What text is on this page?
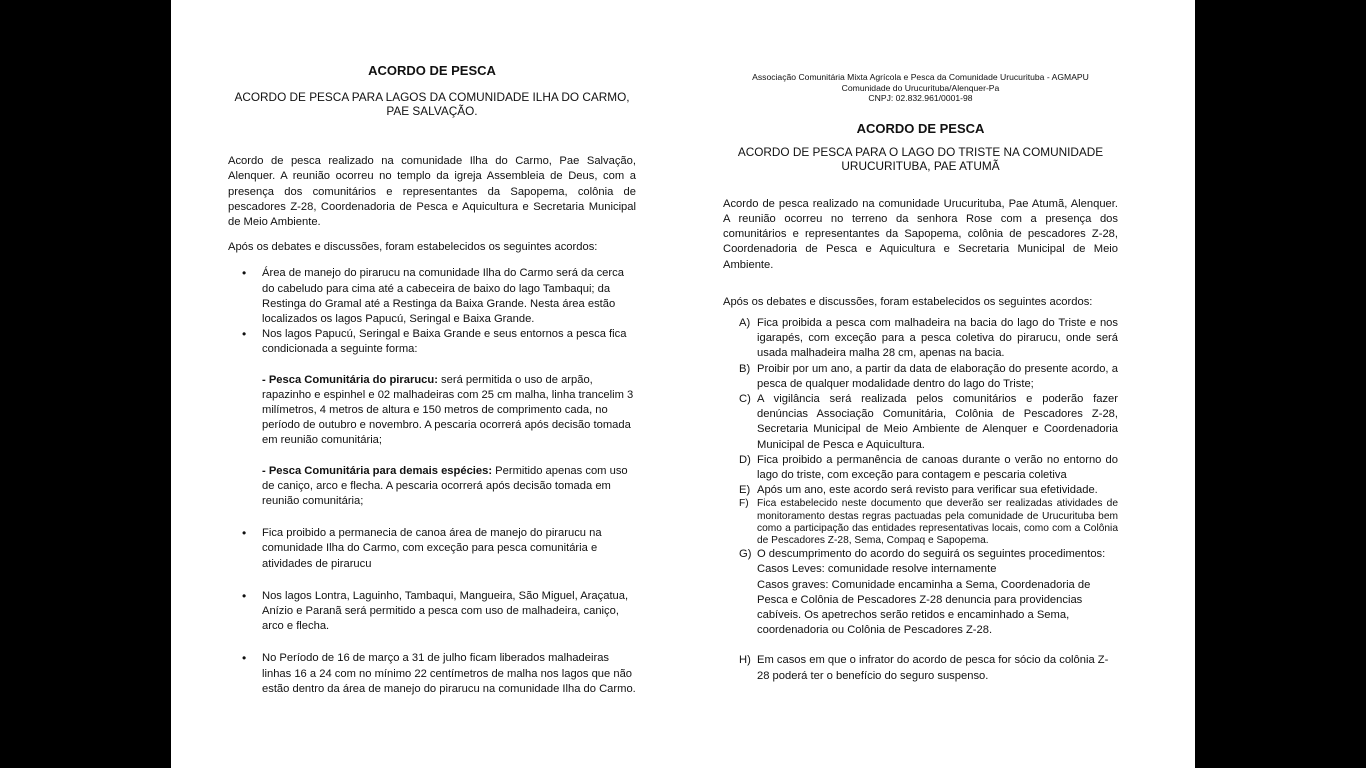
ACORDO DE PESCA
ACORDO DE PESCA PARA LAGOS DA COMUNIDADE ILHA DO CARMO,
PAE SALVAÇÃO.

Acordo de pesca realizado na comunidade Ilha do Carmo, Pae Salvação, Alenquer. A reunião ocorreu no templo da igreja Assembleia de Deus, com a presença dos comunitários e representantes da Sapopema, colônia de pescadores Z-28, Coordenadoria de Pesca e Aquicultura e Secretaria Municipal de Meio Ambiente.

Após os debates e discussões, foram estabelecidos os seguintes acordos:

• Área de manejo do pirarucu na comunidade Ilha do Carmo será da cerca do cabeludo para cima até a cabeceira de baixo do lago Tambaqui; da Restinga do Gramal até a Restinga da Baixa Grande. Nesta área estão localizados os lagos Papucú, Seringal e Baixa Grande.
• Nos lagos Papucú, Seringal e Baixa Grande e seus entornos a pesca fica condicionada a seguinte forma:

- Pesca Comunitária do pirarucu: será permitida o uso de arpão, rapazinho e espinhel e 02 malhadeiras com 25 cm malha, linha trancelim 3 milímetros, 4 metros de altura e 150 metros de comprimento cada, no período de outubro e novembro. A pescaria ocorrerá após decisão tomada em reunião comunitária;

- Pesca Comunitária para demais espécies: Permitido apenas com uso de caniço, arco e flecha. A pescaria ocorrerá após decisão tomada em reunião comunitária;

• Fica proibido a permanecia de canoa área de manejo do pirarucu na comunidade Ilha do Carmo, com exceção para pesca comunitária e atividades de pirarucu
• Nos lagos Lontra, Laguinho, Tambaqui, Mangueira, São Miguel, Araçatua, Anízio e Paranã será permitido a pesca com uso de malhadeira, caniço, arco e flecha.
• No Período de 16 de março a 31 de julho ficam liberados malhadeiras linhas 16 a 24 com no mínimo 22 centímetros de malha nos lagos que não estão dentro da área de manejo do pirarucu na comunidade Ilha do Carmo.
Associação Comunitária Mixta Agrícola e Pesca da Comunidade Urucurituba - AGMAPU
Comunidade do Urucurituba/Alenquer-Pa
CNPJ: 02.832.961/0001-98
ACORDO DE PESCA
ACORDO DE PESCA PARA O LAGO DO TRISTE NA COMUNIDADE
URUCURITUBA, PAE ATUMÃ

Acordo de pesca realizado na comunidade Urucurituba, Pae Atumã, Alenquer. A reunião ocorreu no terreno da senhora Rose com a presença dos comunitários e representantes da Sapopema, colônia de pescadores Z-28, Coordenadoria de Pesca e Aquicultura e Secretaria Municipal de Meio Ambiente.

Após os debates e discussões, foram estabelecidos os seguintes acordos:

A) Fica proibida a pesca com malhadeira na bacia do lago do Triste e nos igarapés, com exceção para a pesca coletiva do pirarucu, onde será usada malhadeira malha 28 cm, apenas na bacia.
B) Proibir por um ano, a partir da data de elaboração do presente acordo, a pesca de qualquer modalidade dentro do lago do Triste;
C) A vigilância será realizada pelos comunitários e poderão fazer denúncias Associação Comunitária, Colônia de Pescadores Z-28, Secretaria Municipal de Meio Ambiente de Alenquer e Coordenadoria Municipal de Pesca e Aquicultura.
D) Fica proibido a permanência de canoas durante o verão no entorno do lago do triste, com exceção para contagem e pescaria coletiva
E) Após um ano, este acordo será revisto para verificar sua efetividade.
F) Fica estabelecido neste documento que deverão ser realizadas atividades de monitoramento destas regras pactuadas pela comunidade de Urucurituba bem como a participação das entidades representativas locais, como com a Colônia de Pescadores Z-28, Sema, Compaq e Sapopema.
G) O descumprimento do acordo do seguirá os seguintes procedimentos:
Casos Leves: comunidade resolve internamente
Casos graves: Comunidade encaminha a Sema, Coordenadoria de Pesca e Colônia de Pescadores Z-28 denuncia para providencias cabíveis. Os apetrechos serão retidos e encaminhado a Sema, coordenadoria ou Colônia de Pescadores Z-28.
H) Em casos em que o infrator do acordo de pesca for sócio da colônia Z-28 poderá ter o benefício do seguro suspenso.
